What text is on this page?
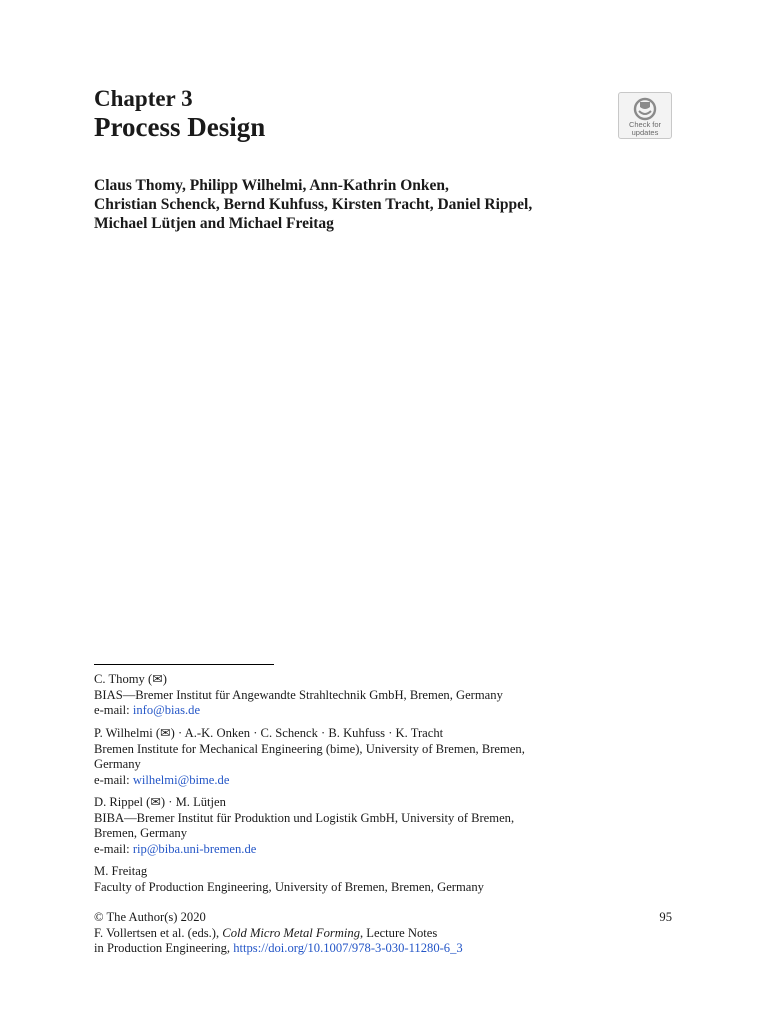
Chapter 3
Process Design	Check for
updates
Claus Thomy, Philipp Wilhelmi, Ann-Kathrin Onken,
Christian Schenck, Bernd Kuhfuss, Kirsten Tracht, Daniel Rippel,
Michael Lütjen and Michael Freitag
C. Thomy (✉)
BIAS—Bremer Institut für Angewandte Strahltechnik GmbH, Bremen, Germany
e-mail: info@bias.de
P. Wilhelmi (✉) · A.-K. Onken · C. Schenck · B. Kuhfuss · K. Tracht
Bremen Institute for Mechanical Engineering (bime), University of Bremen, Bremen,
Germany
e-mail: wilhelmi@bime.de
D. Rippel (✉) · M. Lütjen
BIBA—Bremer Institut für Produktion und Logistik GmbH, University of Bremen,
Bremen, Germany
e-mail: rip@biba.uni-bremen.de
M. Freitag
Faculty of Production Engineering, University of Bremen, Bremen, Germany
© The Author(s) 2020
F. Vollertsen et al. (eds.), Cold Micro Metal Forming, Lecture Notes
in Production Engineering, https://doi.org/10.1007/978-3-030-11280-6_3
95
